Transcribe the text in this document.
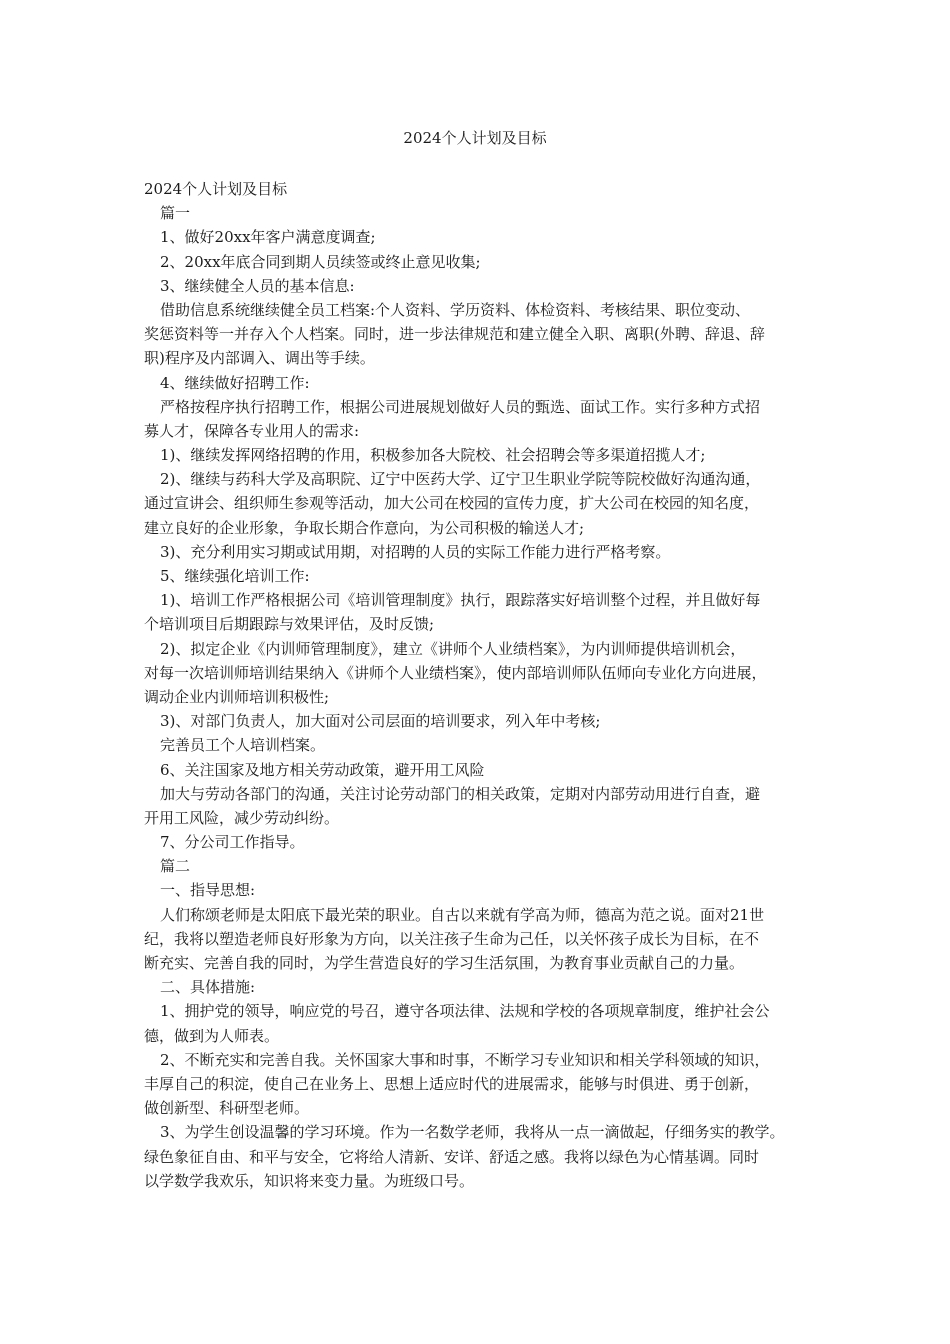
2024个人计划及目标
2024个人计划及目标
篇一
1、做好20xx年客户满意度调查;
2、20xx年底合同到期人员续签或终止意见收集;
3、继续健全人员的基本信息:
借助信息系统继续健全员工档案:个人资料、学历资料、体检资料、考核结果、职位变动、
奖惩资料等一并存入个人档案。同时，进一步法律规范和建立健全入职、离职(外聘、辞退、辞
职)程序及内部调入、调出等手续。
4、继续做好招聘工作:
严格按程序执行招聘工作，根据公司进展规划做好人员的甄选、面试工作。实行多种方式招
募人才，保障各专业用人的需求:
1)、继续发挥网络招聘的作用，积极参加各大院校、社会招聘会等多渠道招揽人才;
2)、继续与药科大学及高职院、辽宁中医药大学、辽宁卫生职业学院等院校做好沟通沟通，
通过宣讲会、组织师生参观等活动，加大公司在校园的宣传力度，扩大公司在校园的知名度，
建立良好的企业形象，争取长期合作意向，为公司积极的输送人才;
3)、充分利用实习期或试用期，对招聘的人员的实际工作能力进行严格考察。
5、继续强化培训工作:
1)、培训工作严格根据公司《培训管理制度》执行，跟踪落实好培训整个过程，并且做好每
个培训项目后期跟踪与效果评估，及时反馈;
2)、拟定企业《内训师管理制度》，建立《讲师个人业绩档案》，为内训师提供培训机会，
对每一次培训师培训结果纳入《讲师个人业绩档案》，使内部培训师队伍师向专业化方向进展，
调动企业内训师培训积极性;
3)、对部门负责人，加大面对公司层面的培训要求，列入年中考核;
完善员工个人培训档案。
6、关注国家及地方相关劳动政策，避开用工风险
加大与劳动各部门的沟通，关注讨论劳动部门的相关政策，定期对内部劳动用进行自查，避
开用工风险，减少劳动纠纷。
7、分公司工作指导。
篇二
一、指导思想:
人们称颂老师是太阳底下最光荣的职业。自古以来就有学高为师，德高为范之说。面对21世
纪，我将以塑造老师良好形象为方向，以关注孩子生命为己任，以关怀孩子成长为目标，在不
断充实、完善自我的同时，为学生营造良好的学习生活氛围，为教育事业贡献自己的力量。
二、具体措施:
1、拥护党的领导，响应党的号召，遵守各项法律、法规和学校的各项规章制度，维护社会公
德，做到为人师表。
2、不断充实和完善自我。关怀国家大事和时事，不断学习专业知识和相关学科领域的知识，
丰厚自己的积淀，使自己在业务上、思想上适应时代的进展需求，能够与时俱进、勇于创新，
做创新型、科研型老师。
3、为学生创设温馨的学习环境。作为一名数学老师，我将从一点一滴做起，仔细务实的教学。
绿色象征自由、和平与安全，它将给人清新、安详、舒适之感。我将以绿色为心情基调。同时
以学数学我欢乐，知识将来变力量。为班级口号。
